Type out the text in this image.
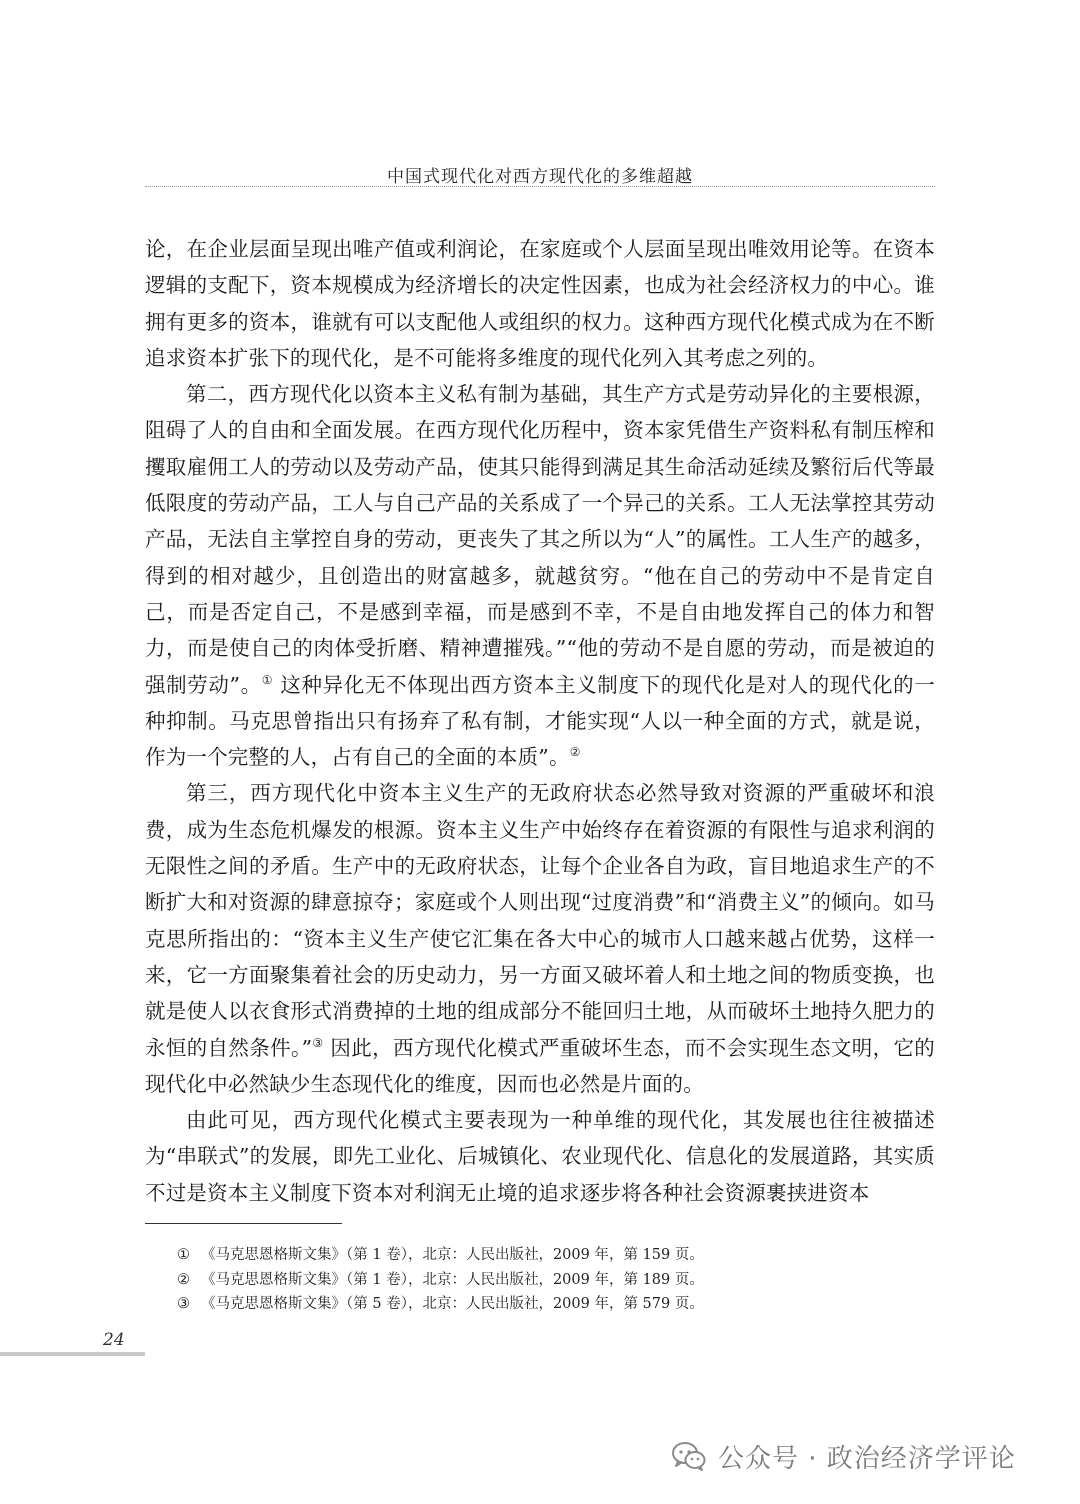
中国式现代化对西方现代化的多维超越

论，在企业层面呈现出唯产值或利润论，在家庭或个人层面呈现出唯效用论等。在资本逻辑的支配下，资本规模成为经济增长的决定性因素，也成为社会经济权力的中心。谁拥有更多的资本，谁就有可以支配他人或组织的权力。这种西方现代化模式成为在不断追求资本扩张下的现代化，是不可能将多维度的现代化列入其考虑之列的。

第二，西方现代化以资本主义私有制为基础，其生产方式是劳动异化的主要根源，阻碍了人的自由和全面发展。在西方现代化历程中，资本家凭借生产资料私有制压榨和攫取雇佣工人的劳动以及劳动产品，使其只能得到满足其生命活动延续及繁衍后代等最低限度的劳动产品，工人与自己产品的关系成了一个异己的关系。工人无法掌控其劳动产品，无法自主掌控自身的劳动，更丧失了其之所以为“人”的属性。工人生产的越多，得到的相对越少，且创造出的财富越多，就越贫穷。“他在自己的劳动中不是肯定自己，而是否定自己，不是感到幸福，而是感到不幸，不是自由地发挥自己的体力和智力，而是使自己的肉体受折磨、精神遭摧残。”“他的劳动不是自愿的劳动，而是被迫的强制劳动”。① 这种异化无不体现出西方资本主义制度下的现代化是对人的现代化的一种抑制。马克思曾指出只有扬弃了私有制，才能实现“人以一种全面的方式，就是说，作为一个完整的人，占有自己的全面的本质”。②

第三，西方现代化中资本主义生产的无政府状态必然导致对资源的严重破坏和浪费，成为生态危机爆发的根源。资本主义生产中始终存在着资源的有限性与追求利润的无限性之间的矛盾。生产中的无政府状态，让每个企业各自为政，盲目地追求生产的不断扩大和对资源的肆意掠夺；家庭或个人则出现“过度消费”和“消费主义”的倾向。如马克思所指出的：“资本主义生产使它汇集在各大中心的城市人口越来越占优势，这样一来，它一方面聚集着社会的历史动力，另一方面又破坏着人和土地之间的物质变换，也就是使人以衣食形式消费掉的土地的组成部分不能回归土地，从而破坏土地持久肥力的永恒的自然条件。”③ 因此，西方现代化模式严重破坏生态，而不会实现生态文明，它的现代化中必然缺少生态现代化的维度，因而也必然是片面的。

由此可见，西方现代化模式主要表现为一种单维的现代化，其发展也往往被描述为“串联式”的发展，即先工业化、后城镇化、农业现代化、信息化的发展道路，其实质不过是资本主义制度下资本对利润无止境的追求逐步将各种社会资源裹挟进资本

① 《马克思恩格斯文集》（第 1 卷），北京：人民出版社，2009 年，第 159 页。
② 《马克思恩格斯文集》（第 1 卷），北京：人民出版社，2009 年，第 189 页。
③ 《马克思恩格斯文集》（第 5 卷），北京：人民出版社，2009 年，第 579 页。
24
公众号 · 政治经济学评论
